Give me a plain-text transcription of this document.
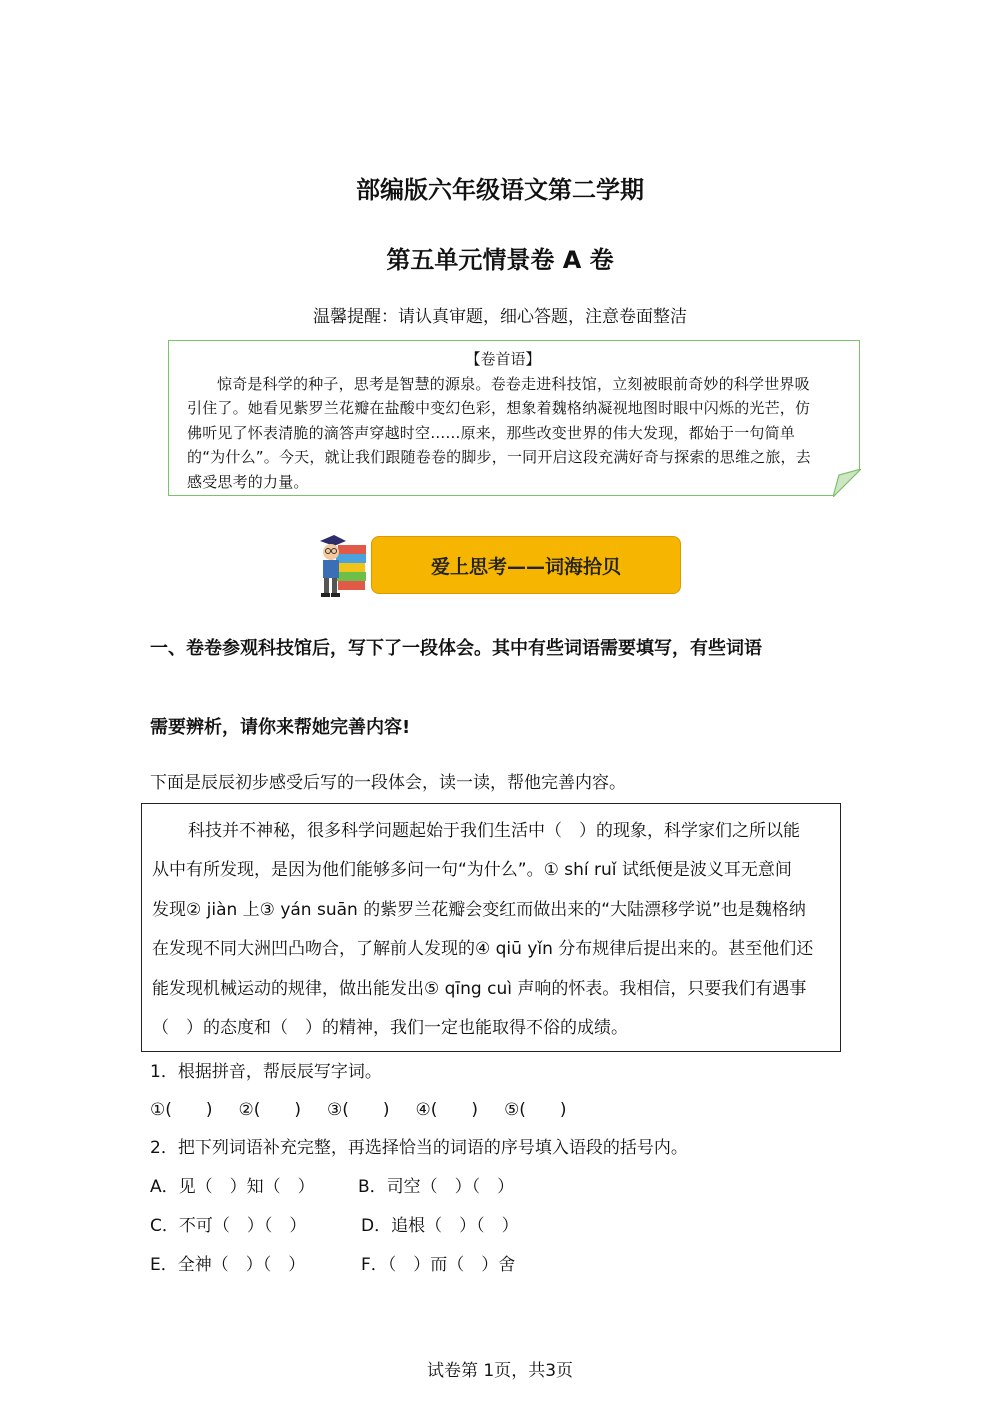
部编版六年级语文第二学期
第五单元情景卷 A 卷
温馨提醒：请认真审题，细心答题，注意卷面整洁
【卷首语】
惊奇是科学的种子，思考是智慧的源泉。卷卷走进科技馆，立刻被眼前奇妙的科学世界吸引住了。她看见紫罗兰花瓣在盐酸中变幻色彩，想象着魏格纳凝视地图时眼中闪烁的光芒，仿佛听见了怀表清脆的滴答声穿越时空……原来，那些改变世界的伟大发现，都始于一句简单的“为什么”。今天，就让我们跟随卷卷的脚步，一同开启这段充满好奇与探索的思维之旅，去感受思考的力量。
爱上思考——词海拾贝
一、卷卷参观科技馆后，写下了一段体会。其中有些词语需要填写，有些词语
需要辨析，请你来帮她完善内容!
下面是辰辰初步感受后写的一段体会，读一读，帮他完善内容。
科技并不神秘，很多科学问题起始于我们生活中（　）的现象，科学家们之所以能
从中有所发现，是因为他们能够多问一句“为什么”。① shí ruǐ 试纸便是波义耳无意间
发现② jiàn 上③ yán suān 的紫罗兰花瓣会变红而做出来的“大陆漂移学说”也是魏格纳
在发现不同大洲凹凸吻合，了解前人发现的④ qiū yǐn 分布规律后提出来的。甚至他们还
能发现机械运动的规律，做出能发出⑤ qīng cuì 声响的怀表。我相信，只要我们有遇事
（　）的态度和（　）的精神，我们一定也能取得不俗的成绩。
1．根据拼音，帮辰辰写字词。
①(　　) ②(　　) ③(　　) ④(　　) ⑤(　　)
2．把下列词语补充完整，再选择恰当的词语的序号填入语段的括号内。
A．见（　）知（　）	B．司空（　）（　）
C．不可（　）（　）	D．追根（　）（　）
E．全神（　）（　）	F．（　）而（　）舍
试卷第 1页，共3页
